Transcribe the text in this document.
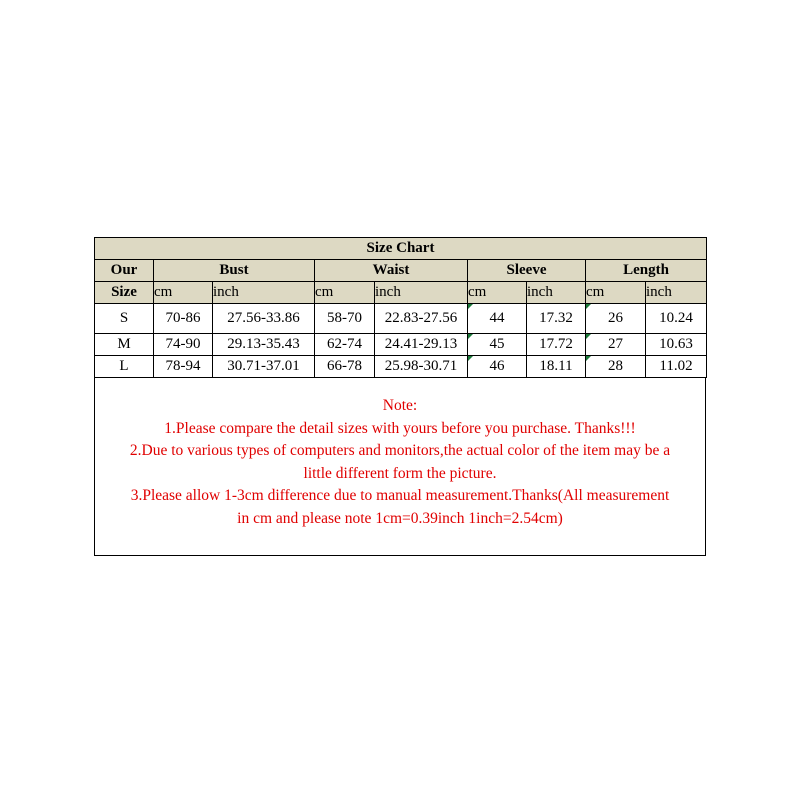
Size Chart								
Our	Bust		Waist		Sleeve		Length	
Size	cm	inch	cm	inch	cm	inch	cm	inch
S	70-86	27.56-33.86	58-70	22.83-27.56	44	17.32	26	10.24
M	74-90	29.13-35.43	62-74	24.41-29.13	45	17.72	27	10.63
L	78-94	30.71-37.01	66-78	25.98-30.71	46	18.11	28	11.02
Note:
1.Please compare the detail sizes with yours before you purchase. Thanks!!!
2.Due to various types of computers and monitors,the actual color of the item may be a
little different form the picture.
3.Please allow 1-3cm difference due to manual measurement.Thanks(All measurement
in cm and please note 1cm=0.39inch 1inch=2.54cm)
